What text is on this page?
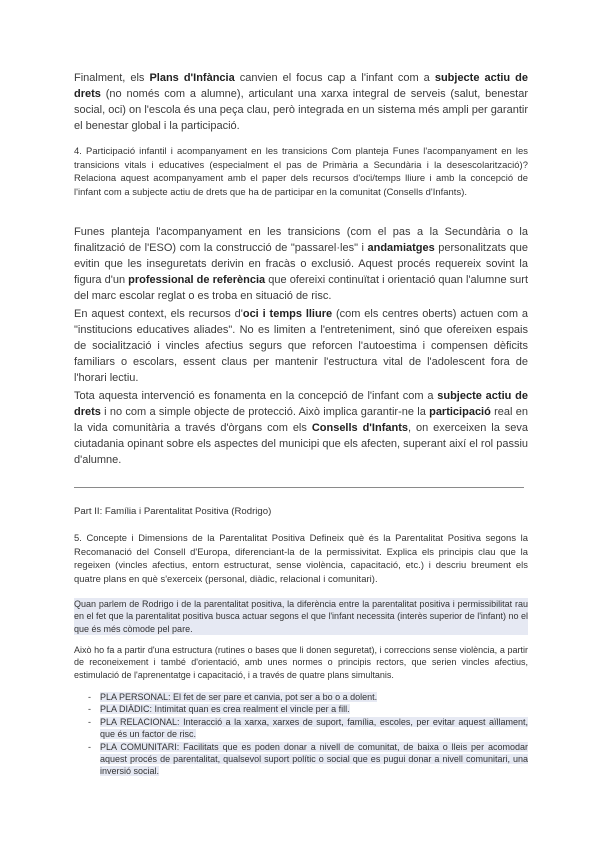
Finalment, els Plans d'Infància canvien el focus cap a l'infant com a subjecte actiu de drets (no només com a alumne), articulant una xarxa integral de serveis (salut, benestar social, oci) on l'escola és una peça clau, però integrada en un sistema més ampli per garantir el benestar global i la participació.

4. Participació infantil i acompanyament en les transicions Com planteja Funes l'acompanyament en les transicions vitals i educatives (especialment el pas de Primària a Secundària i la desescolarització)? Relaciona aquest acompanyament amb el paper dels recursos d'oci/temps lliure i amb la concepció de l'infant com a subjecte actiu de drets que ha de participar en la comunitat (Consells d'Infants).

Funes planteja l'acompanyament en les transicions (com el pas a la Secundària o la finalització de l'ESO) com la construcció de "passarel·les" i andamiatges personalitzats que evitin que les inseguretats derivin en fracàs o exclusió. Aquest procés requereix sovint la figura d'un professional de referència que ofereixi continuïtat i orientació quan l'alumne surt del marc escolar reglat o es troba en situació de risc.

En aquest context, els recursos d'oci i temps lliure (com els centres oberts) actuen com a "institucions educatives aliades". No es limiten a l'entreteniment, sinó que ofereixen espais de socialització i vincles afectius segurs que reforcen l'autoestima i compensen dèficits familiars o escolars, essent claus per mantenir l'estructura vital de l'adolescent fora de l'horari lectiu.

Tota aquesta intervenció es fonamenta en la concepció de l'infant com a subjecte actiu de drets i no com a simple objecte de protecció. Això implica garantir-ne la participació real en la vida comunitària a través d'òrgans com els Consells d'Infants, on exerceixen la seva ciutadania opinant sobre els aspectes del municipi que els afecten, superant així el rol passiu d'alumne.

Part II: Família i Parentalitat Positiva (Rodrigo)

5. Concepte i Dimensions de la Parentalitat Positiva Defineix què és la Parentalitat Positiva segons la Recomanació del Consell d'Europa, diferenciant-la de la permissivitat. Explica els principis clau que la regeixen (vincles afectius, entorn estructurat, sense violència, capacitació, etc.) i descriu breument els quatre plans en què s'exerceix (personal, diàdic, relacional i comunitari).

Quan parlem de Rodrigo i de la parentalitat positiva, la diferència entre la parentalitat positiva i permissibilitat rau en el fet que la parentalitat positiva busca actuar segons el que l'infant necessita (interès superior de l'infant) no el que és més còmode pel pare.

Això ho fa a partir d'una estructura (rutines o bases que li donen seguretat), i correccions sense violència, a partir de reconeixement i també d'orientació, amb unes normes o principis rectors, que serien vincles afectius, estimulació de l'aprenentatge i capacitació, i a través de quatre plans simultanis.

- PLA PERSONAL: El fet de ser pare et canvia, pot ser a bo o a dolent.
- PLA DIÀDIC: Intimitat quan es crea realment el vincle per a fill.
- PLA RELACIONAL: Interacció a la xarxa, xarxes de suport, família, escoles, per evitar aquest aïllament, que és un factor de risc.
- PLA COMUNITARI: Facilitats que es poden donar a nivell de comunitat, de baixa o lleis per acomodar aquest procés de parentalitat, qualsevol suport polític o social que es pugui donar a nivell comunitari, una inversió social.
